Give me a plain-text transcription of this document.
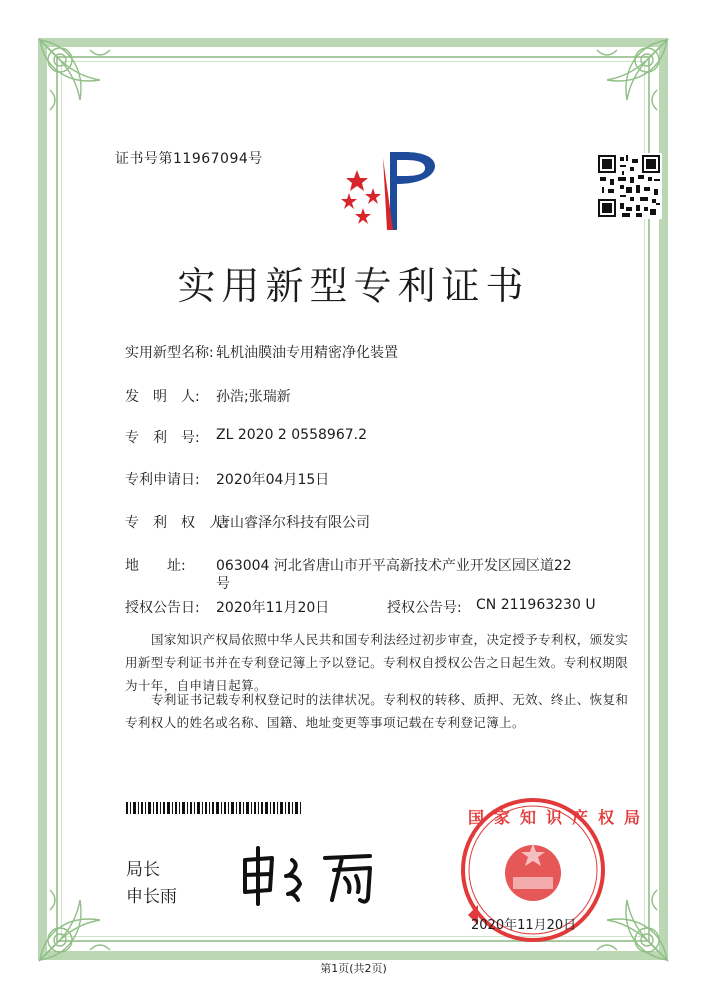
证书号第11967094号
实用新型专利证书
实用新型名称: 轧机油膜油专用精密净化装置
发　明　人: 孙浩;张瑞新
专　利　号: ZL 2020 2 0558967.2
专利申请日: 2020年04月15日
专　利　权　人:
唐山睿泽尔科技有限公司
地　　址: 063004 河北省唐山市开平高新技术产业开发区园区道22
号
授权公告日: 2020年11月20日	授权公告号: CN 211963230 U
国家知识产权局依照中华人民共和国专利法经过初步审查，决定授予专利权，颁发实用新型专利证书并在专利登记簿上予以登记。专利权自授权公告之日起生效。专利权期限为十年，自申请日起算。
专利证书记载专利权登记时的法律状况。专利权的转移、质押、无效、终止、恢复和专利权人的姓名或名称、国籍、地址变更等事项记载在专利登记簿上。
局长
申长雨
国家知识产权局
2020年11月20日
第1页(共2页)
